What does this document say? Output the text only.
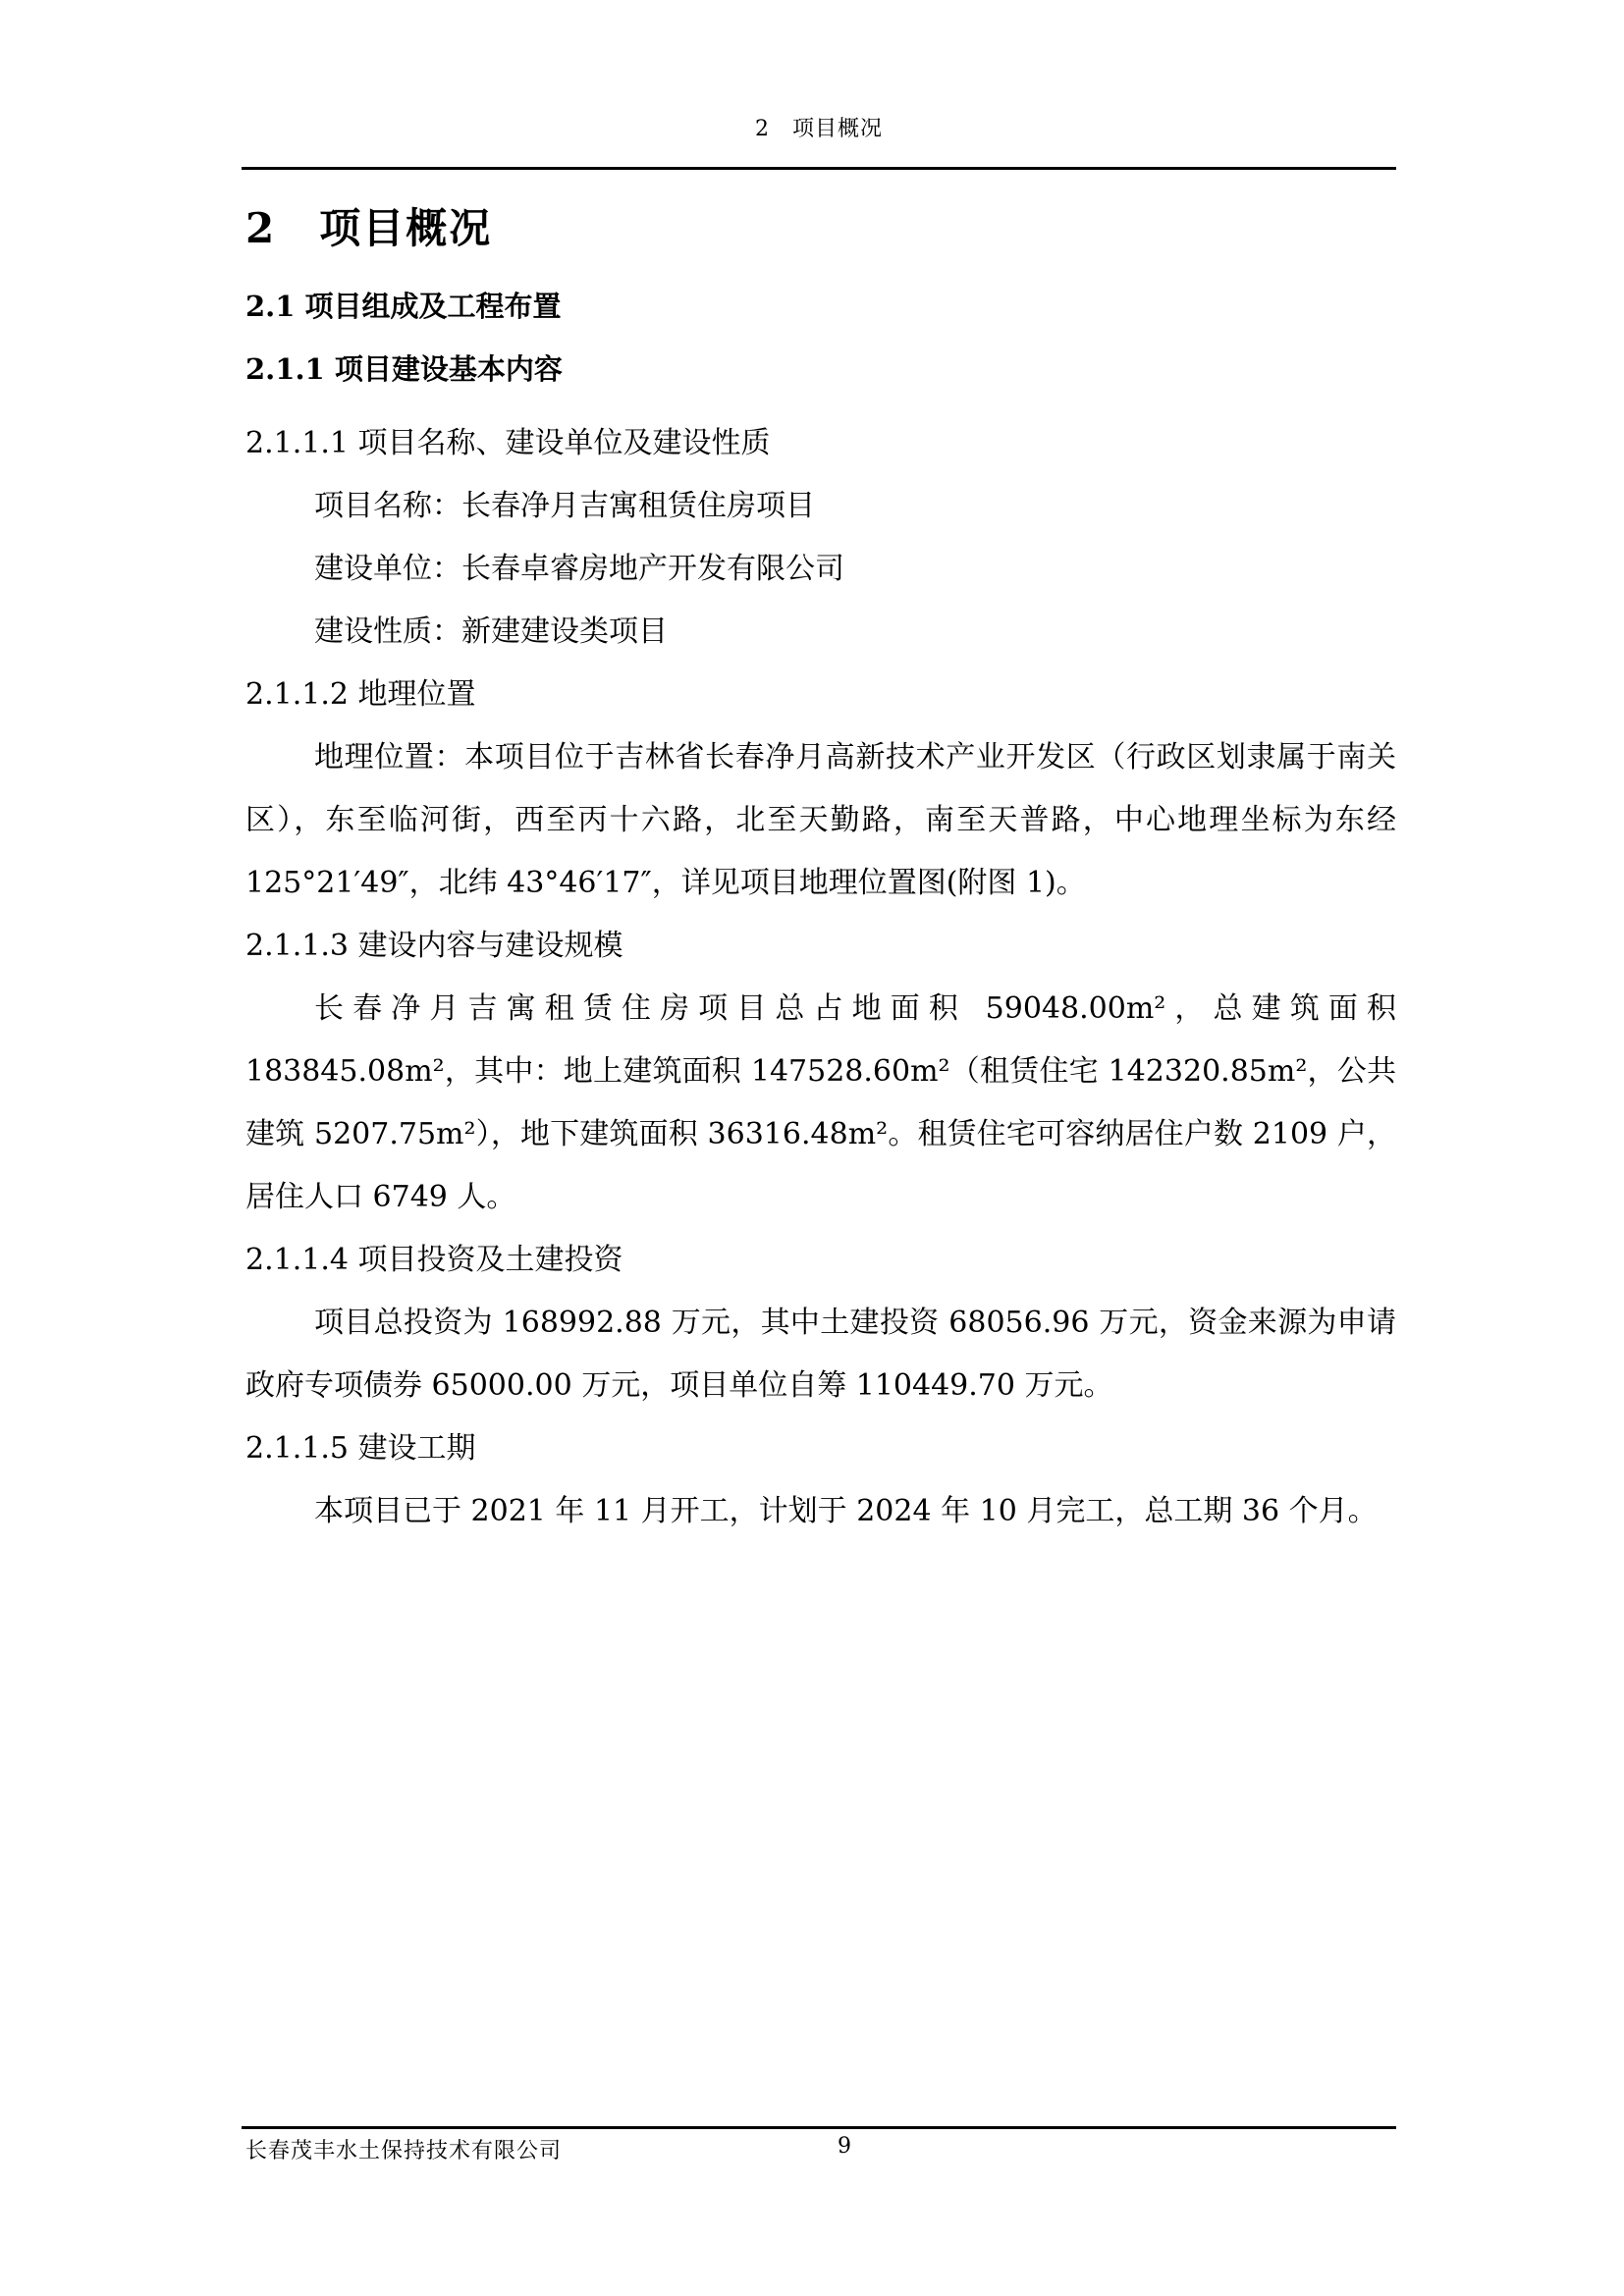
2　项目概况
2　项目概况
2.1 项目组成及工程布置
2.1.1 项目建设基本内容

2.1.1.1 项目名称、建设单位及建设性质

项目名称：长春净月吉寓租赁住房项目

建设单位：长春卓睿房地产开发有限公司

建设性质：新建建设类项目

2.1.1.2 地理位置

地理位置：本项目位于吉林省长春净月高新技术产业开发区（行政区划隶属于南关区），东至临河街，西至丙十六路，北至天勤路，南至天普路，中心地理坐标为东经 125°21′49″，北纬 43°46′17″，详见项目地理位置图(附图 1)。

2.1.1.3 建设内容与建设规模

长春净月吉寓租赁住房项目总占地面积 59048.00m²，总建筑面积 183845.08m²，其中：地上建筑面积 147528.60m²（租赁住宅 142320.85m²，公共建筑 5207.75m²），地下建筑面积 36316.48m²。租赁住宅可容纳居住户数 2109 户，居住人口 6749 人。

2.1.1.4 项目投资及土建投资

项目总投资为 168992.88 万元，其中土建投资 68056.96 万元，资金来源为申请政府专项债券 65000.00 万元，项目单位自筹 110449.70 万元。

2.1.1.5 建设工期

本项目已于 2021 年 11 月开工，计划于 2024 年 10 月完工，总工期 36 个月。

长春茂丰水土保持技术有限公司	9
